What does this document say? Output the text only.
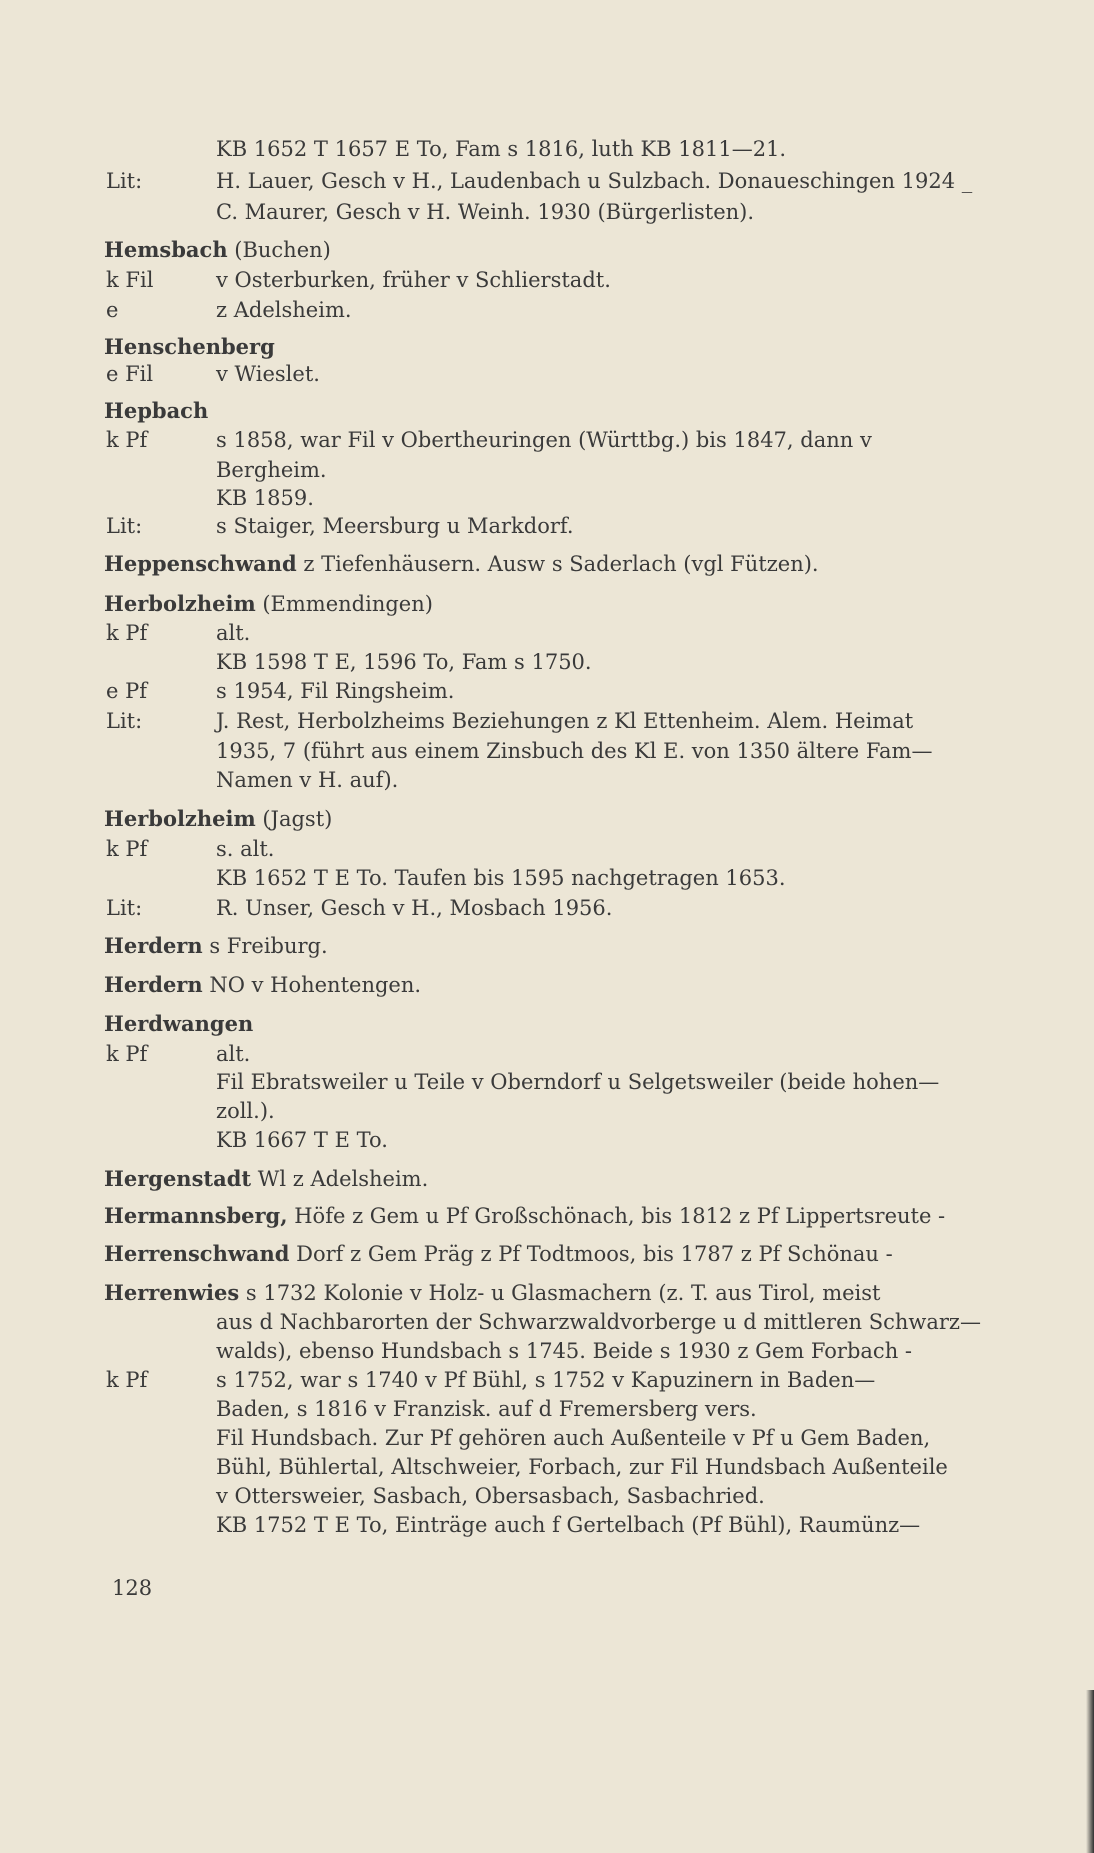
KB 1652 T 1657 E To, Fam s 1816, luth KB 1811—21.
Lit:	H. Lauer, Gesch v H., Laudenbach u Sulzbach. Donaueschingen 1924 _
C. Maurer, Gesch v H. Weinh. 1930 (Bürgerlisten).
Hemsbach (Buchen)
k Fil	v Osterburken, früher v Schlierstadt.
e	z Adelsheim.
Henschenberg
e Fil	v Wieslet.
Hepbach
k Pf	s 1858, war Fil v Obertheuringen (Württbg.) bis 1847, dann v
Bergheim.
KB 1859.
Lit:	s Staiger, Meersburg u Markdorf.
Heppenschwand z Tiefenhäusern. Ausw s Saderlach (vgl Fützen).
Herbolzheim (Emmendingen)
k Pf	alt.
KB 1598 T E, 1596 To, Fam s 1750.
e Pf	s 1954, Fil Ringsheim.
Lit:	J. Rest, Herbolzheims Beziehungen z Kl Ettenheim. Alem. Heimat
1935, 7 (führt aus einem Zinsbuch des Kl E. von 1350 ältere Fam—
Namen v H. auf).
Herbolzheim (Jagst)
k Pf	s. alt.
KB 1652 T E To. Taufen bis 1595 nachgetragen 1653.
Lit:	R. Unser, Gesch v H., Mosbach 1956.
Herdern s Freiburg.
Herdern NO v Hohentengen.
Herdwangen
k Pf	alt.
Fil Ebratsweiler u Teile v Oberndorf u Selgetsweiler (beide hohen—
zoll.).
KB 1667 T E To.
Hergenstadt Wl z Adelsheim.
Hermannsberg, Höfe z Gem u Pf Großschönach, bis 1812 z Pf Lippertsreute -
Herrenschwand Dorf z Gem Präg z Pf Todtmoos, bis 1787 z Pf Schönau -
Herrenwies s 1732 Kolonie v Holz- u Glasmachern (z. T. aus Tirol, meist
aus d Nachbarorten der Schwarzwaldvorberge u d mittleren Schwarz—
walds), ebenso Hundsbach s 1745. Beide s 1930 z Gem Forbach -
k Pf	s 1752, war s 1740 v Pf Bühl, s 1752 v Kapuzinern in Baden—
Baden, s 1816 v Franzisk. auf d Fremersberg vers.
Fil Hundsbach. Zur Pf gehören auch Außenteile v Pf u Gem Baden,
Bühl, Bühlertal, Altschweier, Forbach, zur Fil Hundsbach Außenteile
v Ottersweier, Sasbach, Obersasbach, Sasbachried.
KB 1752 T E To, Einträge auch f Gertelbach (Pf Bühl), Raumünz—
128
